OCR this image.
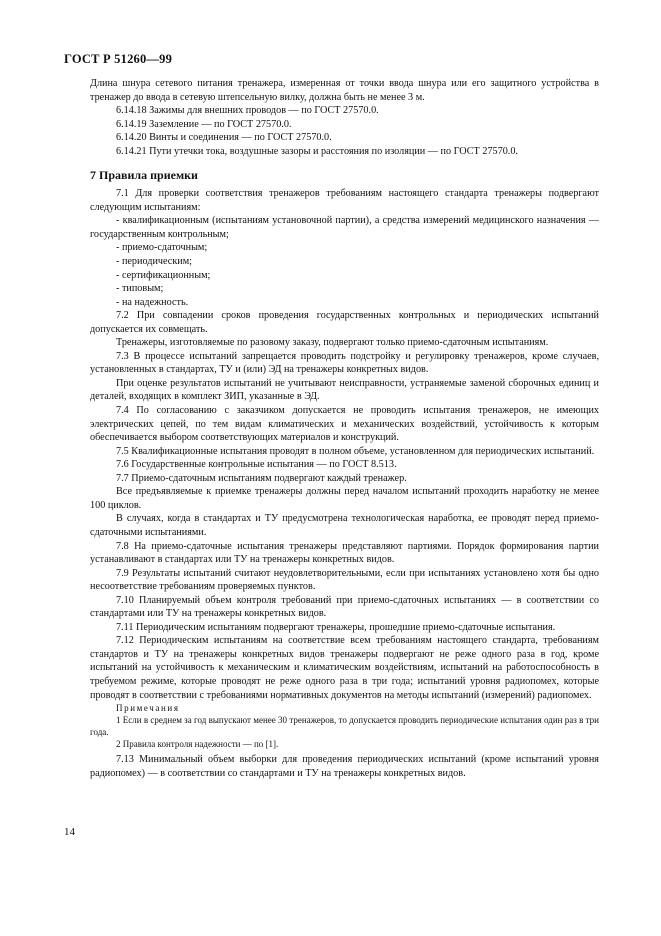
ГОСТ Р 51260—99

Длина шнура сетевого питания тренажера, измеренная от точки ввода шнура или его защитного устройства в тренажер до ввода в сетевую штепсельную вилку, должна быть не менее 3 м.

6.14.18 Зажимы для внешних проводов — по ГОСТ 27570.0.

6.14.19 Заземление — по ГОСТ 27570.0.

6.14.20 Винты и соединения — по ГОСТ 27570.0.

6.14.21 Пути утечки тока, воздушные зазоры и расстояния по изоляции — по ГОСТ 27570.0.

7 Правила приемки

7.1 Для проверки соответствия тренажеров требованиям настоящего стандарта тренажеры подвергают следующим испытаниям:

- квалификационным (испытаниям установочной партии), а средства измерений медицинского назначения — государственным контрольным;

- приемо-сдаточным;

- периодическим;

- сертификационным;

- типовым;

- на надежность.

7.2 При совпадении сроков проведения государственных контрольных и периодических испытаний допускается их совмещать.

Тренажеры, изготовляемые по разовому заказу, подвергают только приемо-сдаточным испытаниям.

7.3 В процессе испытаний запрещается проводить подстройку и регулировку тренажеров, кроме случаев, установленных в стандартах, ТУ и (или) ЭД на тренажеры конкретных видов.

При оценке результатов испытаний не учитывают неисправности, устраняемые заменой сборочных единиц и деталей, входящих в комплект ЗИП, указанные в ЭД.

7.4 По согласованию с заказчиком допускается не проводить испытания тренажеров, не имеющих электрических цепей, по тем видам климатических и механических воздействий, устойчивость к которым обеспечивается выбором соответствующих материалов и конструкций.

7.5 Квалификационные испытания проводят в полном объеме, установленном для периодических испытаний.

7.6 Государственные контрольные испытания — по ГОСТ 8.513.

7.7 Приемо-сдаточным испытаниям подвергают каждый тренажер.

Все предъявляемые к приемке тренажеры должны перед началом испытаний проходить наработку не менее 100 циклов.

В случаях, когда в стандартах и ТУ предусмотрена технологическая наработка, ее проводят перед приемо-сдаточными испытаниями.

7.8 На приемо-сдаточные испытания тренажеры представляют партиями. Порядок формирования партии устанавливают в стандартах или ТУ на тренажеры конкретных видов.

7.9 Результаты испытаний считают неудовлетворительными, если при испытаниях установлено хотя бы одно несоответствие требованиям проверяемых пунктов.

7.10 Планируемый объем контроля требований при приемо-сдаточных испытаниях — в соответствии со стандартами или ТУ на тренажеры конкретных видов.

7.11 Периодическим испытаниям подвергают тренажеры, прошедшие приемо-сдаточные испытания.

7.12 Периодическим испытаниям на соответствие всем требованиям настоящего стандарта, требованиям стандартов и ТУ на тренажеры конкретных видов тренажеры подвергают не реже одного раза в год, кроме испытаний на устойчивость к механическим и климатическим воздействиям, испытаний на работоспособность в требуемом режиме, которые проводят не реже одного раза в три года; испытаний уровня радиопомех, которые проводят в соответствии с требованиями нормативных документов на методы испытаний (измерений) радиопомех.

Примечания

1 Если в среднем за год выпускают менее 30 тренажеров, то допускается проводить периодические испытания один раз в три года.

2 Правила контроля надежности — по [1].

7.13 Минимальный объем выборки для проведения периодических испытаний (кроме испытаний уровня радиопомех) — в соответствии со стандартами и ТУ на тренажеры конкретных видов.

14
